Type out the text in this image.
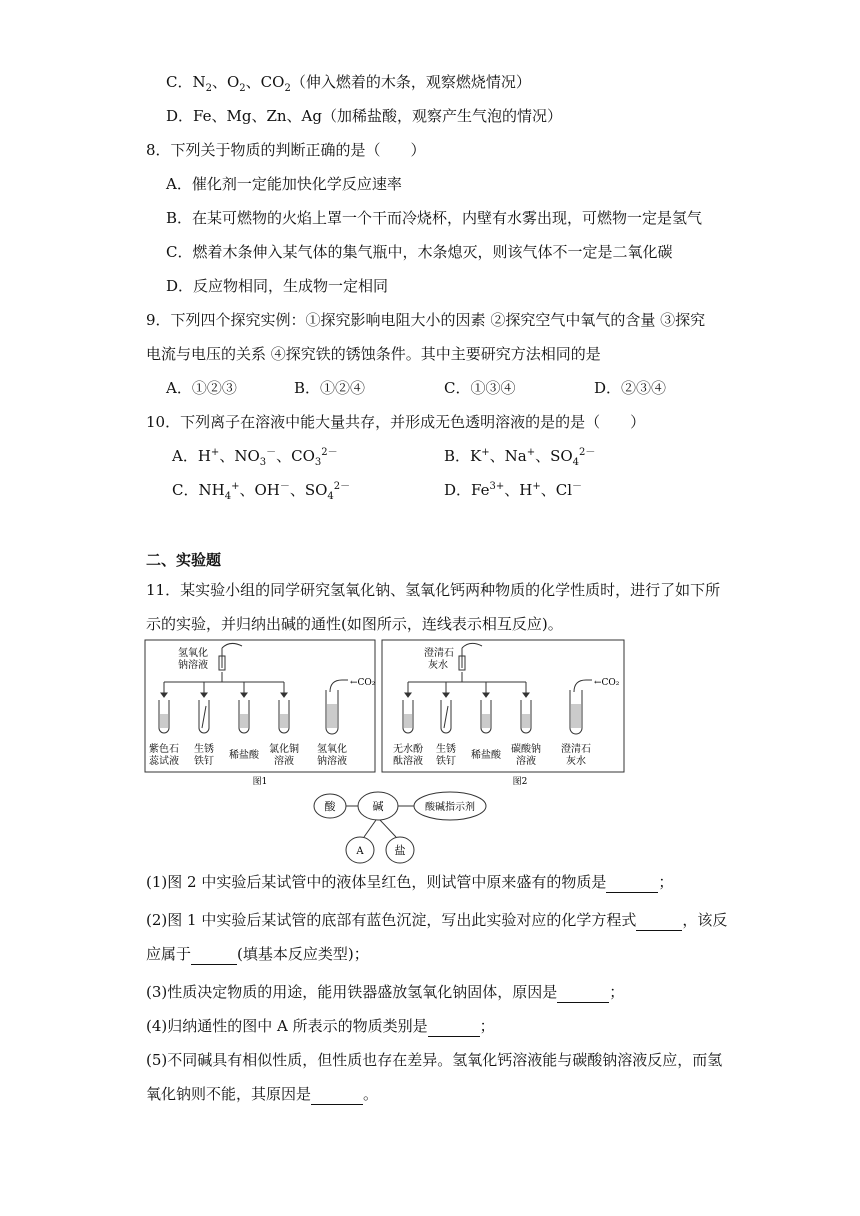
C．$N_2$、$O_2$、$CO_2$（伸入燃着的木条，观察燃烧情况）
D．Fe、Mg、Zn、Ag（加稀盐酸，观察产生气泡的情况）
8．下列关于物质的判断正确的是（　　）
A．催化剂一定能加快化学反应速率
B．在某可燃物的火焰上罩一个干而冷烧杯，内壁有水雾出现，可燃物一定是氢气
C．燃着木条伸入某气体的集气瓶中，木条熄灭，则该气体不一定是二氧化碳
D．反应物相同，生成物一定相同
9．下列四个探究实例：①探究影响电阻大小的因素 ②探究空气中氧气的含量 ③探究
电流与电压的关系 ④探究铁的锈蚀条件。其中主要研究方法相同的是
A．①②③	B．①②④	C．①③④	D．②③④
10．下列离子在溶液中能大量共存，并形成无色透明溶液的是的是（　　）
A．H+、$NO_3^-$、$CO_3^{2-}$	B．K+、Na+、$SO_4^{2-}$
C．$NH_4^+$、OH－、$SO_4^{2-}$	D．$Fe^{3+}$、H+、Cl－
二、实验题
11．某实验小组的同学研究氢氧化钠、氢氧化钙两种物质的化学性质时，进行了如下所
示的实验，并归纳出碱的通性(如图所示，连线表示相互反应)。
氢氧化
钠溶液
←CO₂
紫色石
蕊试液
生锈
铁钉
稀盐酸
氯化铜
溶液
氢氧化
钠溶液
图1
澄清石
灰水
←CO₂
无水酚
酞溶液
生锈
铁钉
稀盐酸
碳酸钠
溶液
澄清石
灰水
图2
酸	碱	酸碱指示剂
A	盐
(1)图 2 中实验后某试管中的液体呈红色，则试管中原来盛有的物质是	；
(2)图 1 中实验后某试管的底部有蓝色沉淀，写出此实验对应的化学方程式	，该反
应属于	(填基本反应类型)；
(3)性质决定物质的用途，能用铁器盛放氢氧化钠固体，原因是	；
(4)归纳通性的图中 A 所表示的物质类别是	；
(5)不同碱具有相似性质，但性质也存在差异。氢氧化钙溶液能与碳酸钠溶液反应，而氢
氧化钠则不能，其原因是	。
